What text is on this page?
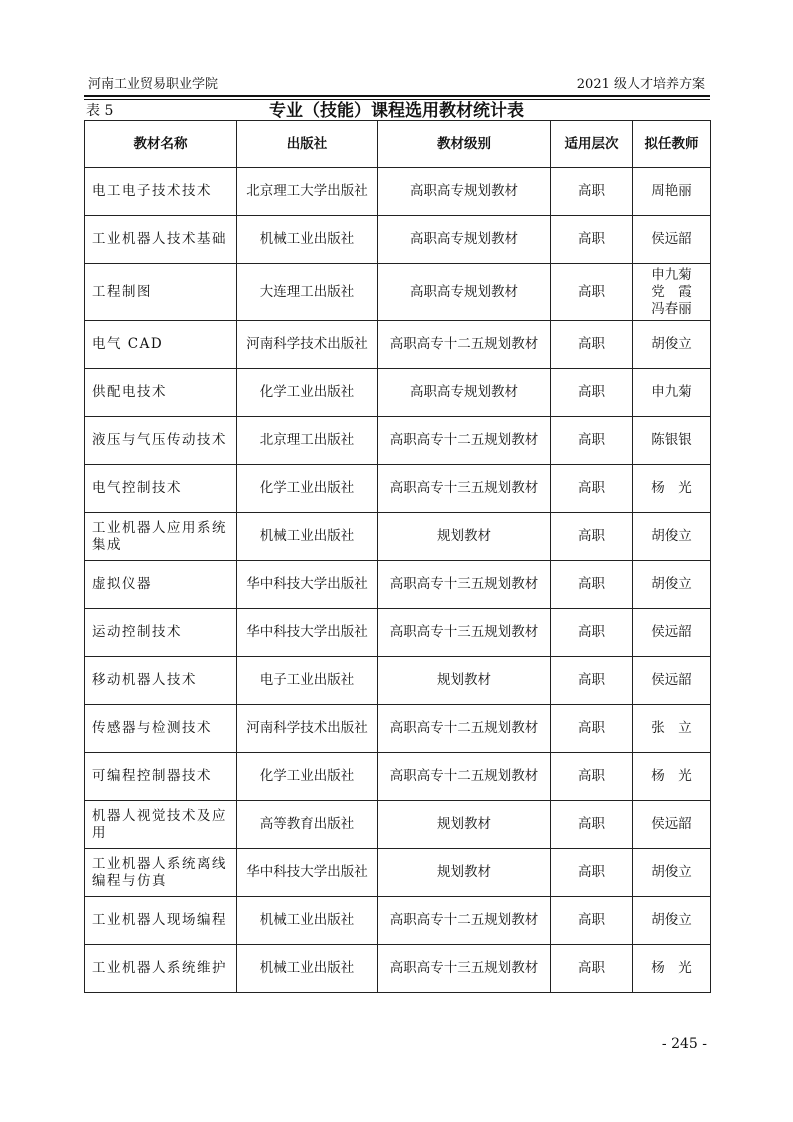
河南工业贸易职业学院	2021 级人才培养方案
表 5	专业（技能）课程选用教材统计表
教材名称	出版社	教材级别	适用层次	拟任教师
电工电子技术技术	北京理工大学出版社	高职高专规划教材	高职	周艳丽

工业机器人技术基础	机械工业出版社	高职高专规划教材	高职	侯远韶

工程制图	大连理工出版社	高职高专规划教材	高职	申九菊
党　霞
冯春丽

电气 CAD	河南科学技术出版社	高职高专十二五规划教材	高职	胡俊立

供配电技术	化学工业出版社	高职高专规划教材	高职	申九菊

液压与气压传动技术	北京理工出版社	高职高专十二五规划教材	高职	陈银银

电气控制技术	化学工业出版社	高职高专十三五规划教材	高职	杨　光

工业机器人应用系统集成	机械工业出版社	规划教材	高职	胡俊立

虚拟仪器	华中科技大学出版社	高职高专十三五规划教材	高职	胡俊立

运动控制技术	华中科技大学出版社	高职高专十三五规划教材	高职	侯远韶

移动机器人技术	电子工业出版社	规划教材	高职	侯远韶

传感器与检测技术	河南科学技术出版社	高职高专十二五规划教材	高职	张　立

可编程控制器技术	化学工业出版社	高职高专十二五规划教材	高职	杨　光

机器人视觉技术及应用	高等教育出版社	规划教材	高职	侯远韶

工业机器人系统离线编程与仿真	华中科技大学出版社	规划教材	高职	胡俊立

工业机器人现场编程	机械工业出版社	高职高专十二五规划教材	高职	胡俊立

工业机器人系统维护	机械工业出版社	高职高专十三五规划教材	高职	杨　光
- 245 -
